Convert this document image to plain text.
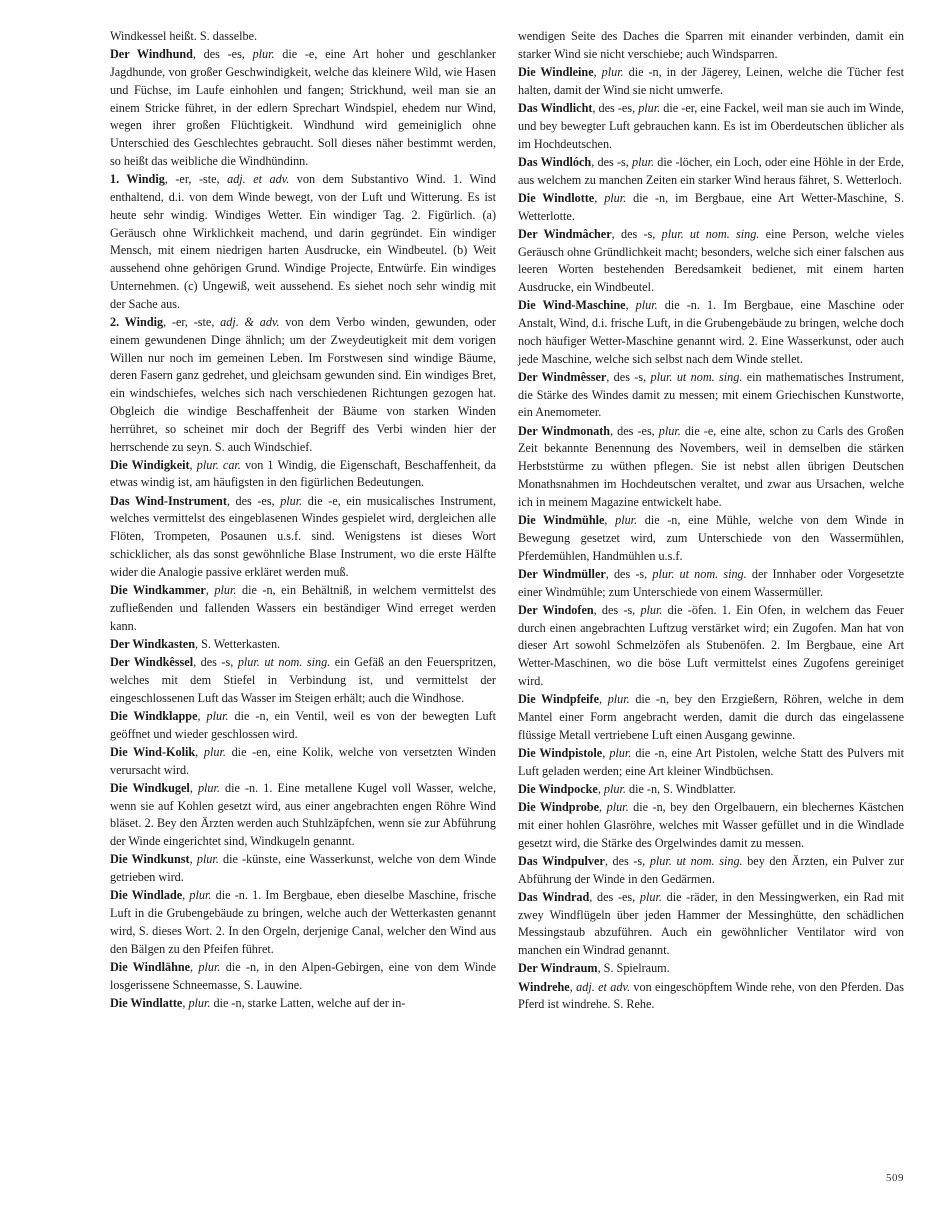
Windkessel heißt. S. dasselbe.
Der Windhund, des -es, plur. die -e, eine Art hoher und geschlanker Jagdhunde, von großer Geschwindigkeit, welche das kleinere Wild, wie Hasen und Füchse, im Laufe einhohlen und fangen; Strickhund, weil man sie an einem Stricke führet, in der edlern Sprechart Windspiel, ehedem nur Wind, wegen ihrer großen Flüchtigkeit. Windhund wird gemeiniglich ohne Unterschied des Geschlechtes gebraucht. Soll dieses näher bestimmt werden, so heißt das weibliche die Windhündinn.
1. Windig, -er, -ste, adj. et adv. von dem Substantivo Wind. 1. Wind enthaltend, d.i. von dem Winde bewegt, von der Luft und Witterung. Es ist heute sehr windig. Windiges Wetter. Ein windiger Tag. 2. Figürlich. (a) Geräusch ohne Wirklichkeit machend, und darin gegründet. Ein windiger Mensch, mit einem niedrigen harten Ausdrucke, ein Windbeutel. (b) Weit aussehend ohne gehörigen Grund. Windige Projecte, Entwürfe. Ein windiges Unternehmen. (c) Ungewiß, weit aussehend. Es siehet noch sehr windig mit der Sache aus.
2. Windig, -er, -ste, adj. & adv. von dem Verbo winden, gewunden, oder einem gewundenen Dinge ähnlich; um der Zweydeutigkeit mit dem vorigen Willen nur noch im gemeinen Leben. Im Forstwesen sind windige Bäume, deren Fasern ganz gedrehet, und gleichsam gewunden sind. Ein windiges Bret, ein windschiefes, welches sich nach verschiedenen Richtungen gezogen hat. Obgleich die windige Beschaffenheit der Bäume von starken Winden herrühret, so scheinet mir doch der Begriff des Verbi winden hier der herrschende zu seyn. S. auch Windschief.
Die Windigkeit, plur. car. von 1 Windig, die Eigenschaft, Beschaffenheit, da etwas windig ist, am häufigsten in den figürlichen Bedeutungen.
Das Wind-Instrument, des -es, plur. die -e, ein musicalisches Instrument, welches vermittelst des eingeblasenen Windes gespielet wird, dergleichen alle Flöten, Trompeten, Posaunen u.s.f. sind. Wenigstens ist dieses Wort schicklicher, als das sonst gewöhnliche Blase Instrument, wo die erste Hälfte wider die Analogie passive erkläret werden muß.
Die Windkammer, plur. die -n, ein Behältniß, in welchem vermittelst des zufließenden und fallenden Wassers ein beständiger Wind erreget werden kann.
Der Windkasten, S. Wetterkasten.
Der Windkêssel, des -s, plur. ut nom. sing. ein Gefäß an den Feuerspritzen, welches mit dem Stiefel in Verbindung ist, und vermittelst der eingeschlossenen Luft das Wasser im Steigen erhält; auch die Windhose.
Die Windklappe, plur. die -n, ein Ventil, weil es von der bewegten Luft geöffnet und wieder geschlossen wird.
Die Wind-Kolik, plur. die -en, eine Kolik, welche von versetzten Winden verursacht wird.
Die Windkugel, plur. die -n. 1. Eine metallene Kugel voll Wasser, welche, wenn sie auf Kohlen gesetzt wird, aus einer angebrachten engen Röhre Wind bläset. 2. Bey den Ärzten werden auch Stuhlzäpfchen, wenn sie zur Abführung der Winde eingerichtet sind, Windkugeln genannt.
Die Windkunst, plur. die -künste, eine Wasserkunst, welche von dem Winde getrieben wird.
Die Windlade, plur. die -n. 1. Im Bergbaue, eben dieselbe Maschine, frische Luft in die Grubengebäude zu bringen, welche auch der Wetterkasten genannt wird, S. dieses Wort. 2. In den Orgeln, derjenige Canal, welcher den Wind aus den Bälgen zu den Pfeifen führet.
Die Windlähne, plur. die -n, in den Alpen-Gebirgen, eine von dem Winde losgerissene Schneemasse, S. Lauwine.
Die Windlatte, plur. die -n, starke Latten, welche auf der in-
wendigen Seite des Daches die Sparren mit einander verbinden, damit ein starker Wind sie nicht verschiebe; auch Windsparren.
Die Windleine, plur. die -n, in der Jägerey, Leinen, welche die Tücher fest halten, damit der Wind sie nicht umwerfe.
Das Windlicht, des -es, plur. die -er, eine Fackel, weil man sie auch im Winde, und bey bewegter Luft gebrauchen kann. Es ist im Oberdeutschen üblicher als im Hochdeutschen.
Das Windlóch, des -s, plur. die -löcher, ein Loch, oder eine Höhle in der Erde, aus welchem zu manchen Zeiten ein starker Wind heraus fähret, S. Wetterloch.
Die Windlotte, plur. die -n, im Bergbaue, eine Art Wetter-Maschine, S. Wetterlotte.
Der Windmâcher, des -s, plur. ut nom. sing. eine Person, welche vieles Geräusch ohne Gründlichkeit macht; besonders, welche sich einer falschen aus leeren Worten bestehenden Beredsamkeit bedienet, mit einem harten Ausdrucke, ein Windbeutel.
Die Wind-Maschine, plur. die -n. 1. Im Bergbaue, eine Maschine oder Anstalt, Wind, d.i. frische Luft, in die Grubengebäude zu bringen, welche doch noch häufiger Wetter-Maschine genannt wird. 2. Eine Wasserkunst, oder auch jede Maschine, welche sich selbst nach dem Winde stellet.
Der Windmêsser, des -s, plur. ut nom. sing. ein mathematisches Instrument, die Stärke des Windes damit zu messen; mit einem Griechischen Kunstworte, ein Anemometer.
Der Windmonath, des -es, plur. die -e, eine alte, schon zu Carls des Großen Zeit bekannte Benennung des Novembers, weil in demselben die stärken Herbststürme zu wüthen pflegen. Sie ist nebst allen übrigen Deutschen Monathsnahmen im Hochdeutschen veraltet, und zwar aus Ursachen, welche ich in meinem Magazine entwickelt habe.
Die Windmühle, plur. die -n, eine Mühle, welche von dem Winde in Bewegung gesetzet wird, zum Unterschiede von den Wassermühlen, Pferdemühlen, Handmühlen u.s.f.
Der Windmüller, des -s, plur. ut nom. sing. der Innhaber oder Vorgesetzte einer Windmühle; zum Unterschiede von einem Wassermüller.
Der Windofen, des -s, plur. die -öfen. 1. Ein Ofen, in welchem das Feuer durch einen angebrachten Luftzug verstärket wird; ein Zugofen. Man hat von dieser Art sowohl Schmelzöfen als Stubenöfen. 2. Im Bergbaue, eine Art Wetter-Maschinen, wo die böse Luft vermittelst eines Zugofens gereiniget wird.
Die Windpfeife, plur. die -n, bey den Erzgießern, Röhren, welche in dem Mantel einer Form angebracht werden, damit die durch das eingelassene flüssige Metall vertriebene Luft einen Ausgang gewinne.
Die Windpistole, plur. die -n, eine Art Pistolen, welche Statt des Pulvers mit Luft geladen werden; eine Art kleiner Windbüchsen.
Die Windpocke, plur. die -n, S. Windblatter.
Die Windprobe, plur. die -n, bey den Orgelbauern, ein blechernes Kästchen mit einer hohlen Glasröhre, welches mit Wasser gefüllet und in die Windlade gesetzt wird, die Stärke des Orgelwindes damit zu messen.
Das Windpulver, des -s, plur. ut nom. sing. bey den Ärzten, ein Pulver zur Abführung der Winde in den Gedärmen.
Das Windrad, des -es, plur. die -räder, in den Messingwerken, ein Rad mit zwey Windflügeln über jeden Hammer der Messinghütte, den schädlichen Messingstaub abzuführen. Auch ein gewöhnlicher Ventilator wird von manchen ein Windrad genannt.
Der Windraum, S. Spielraum.
Windrehe, adj. et adv. von eingeschöpftem Winde rehe, von den Pferden. Das Pferd ist windrehe. S. Rehe.
509
